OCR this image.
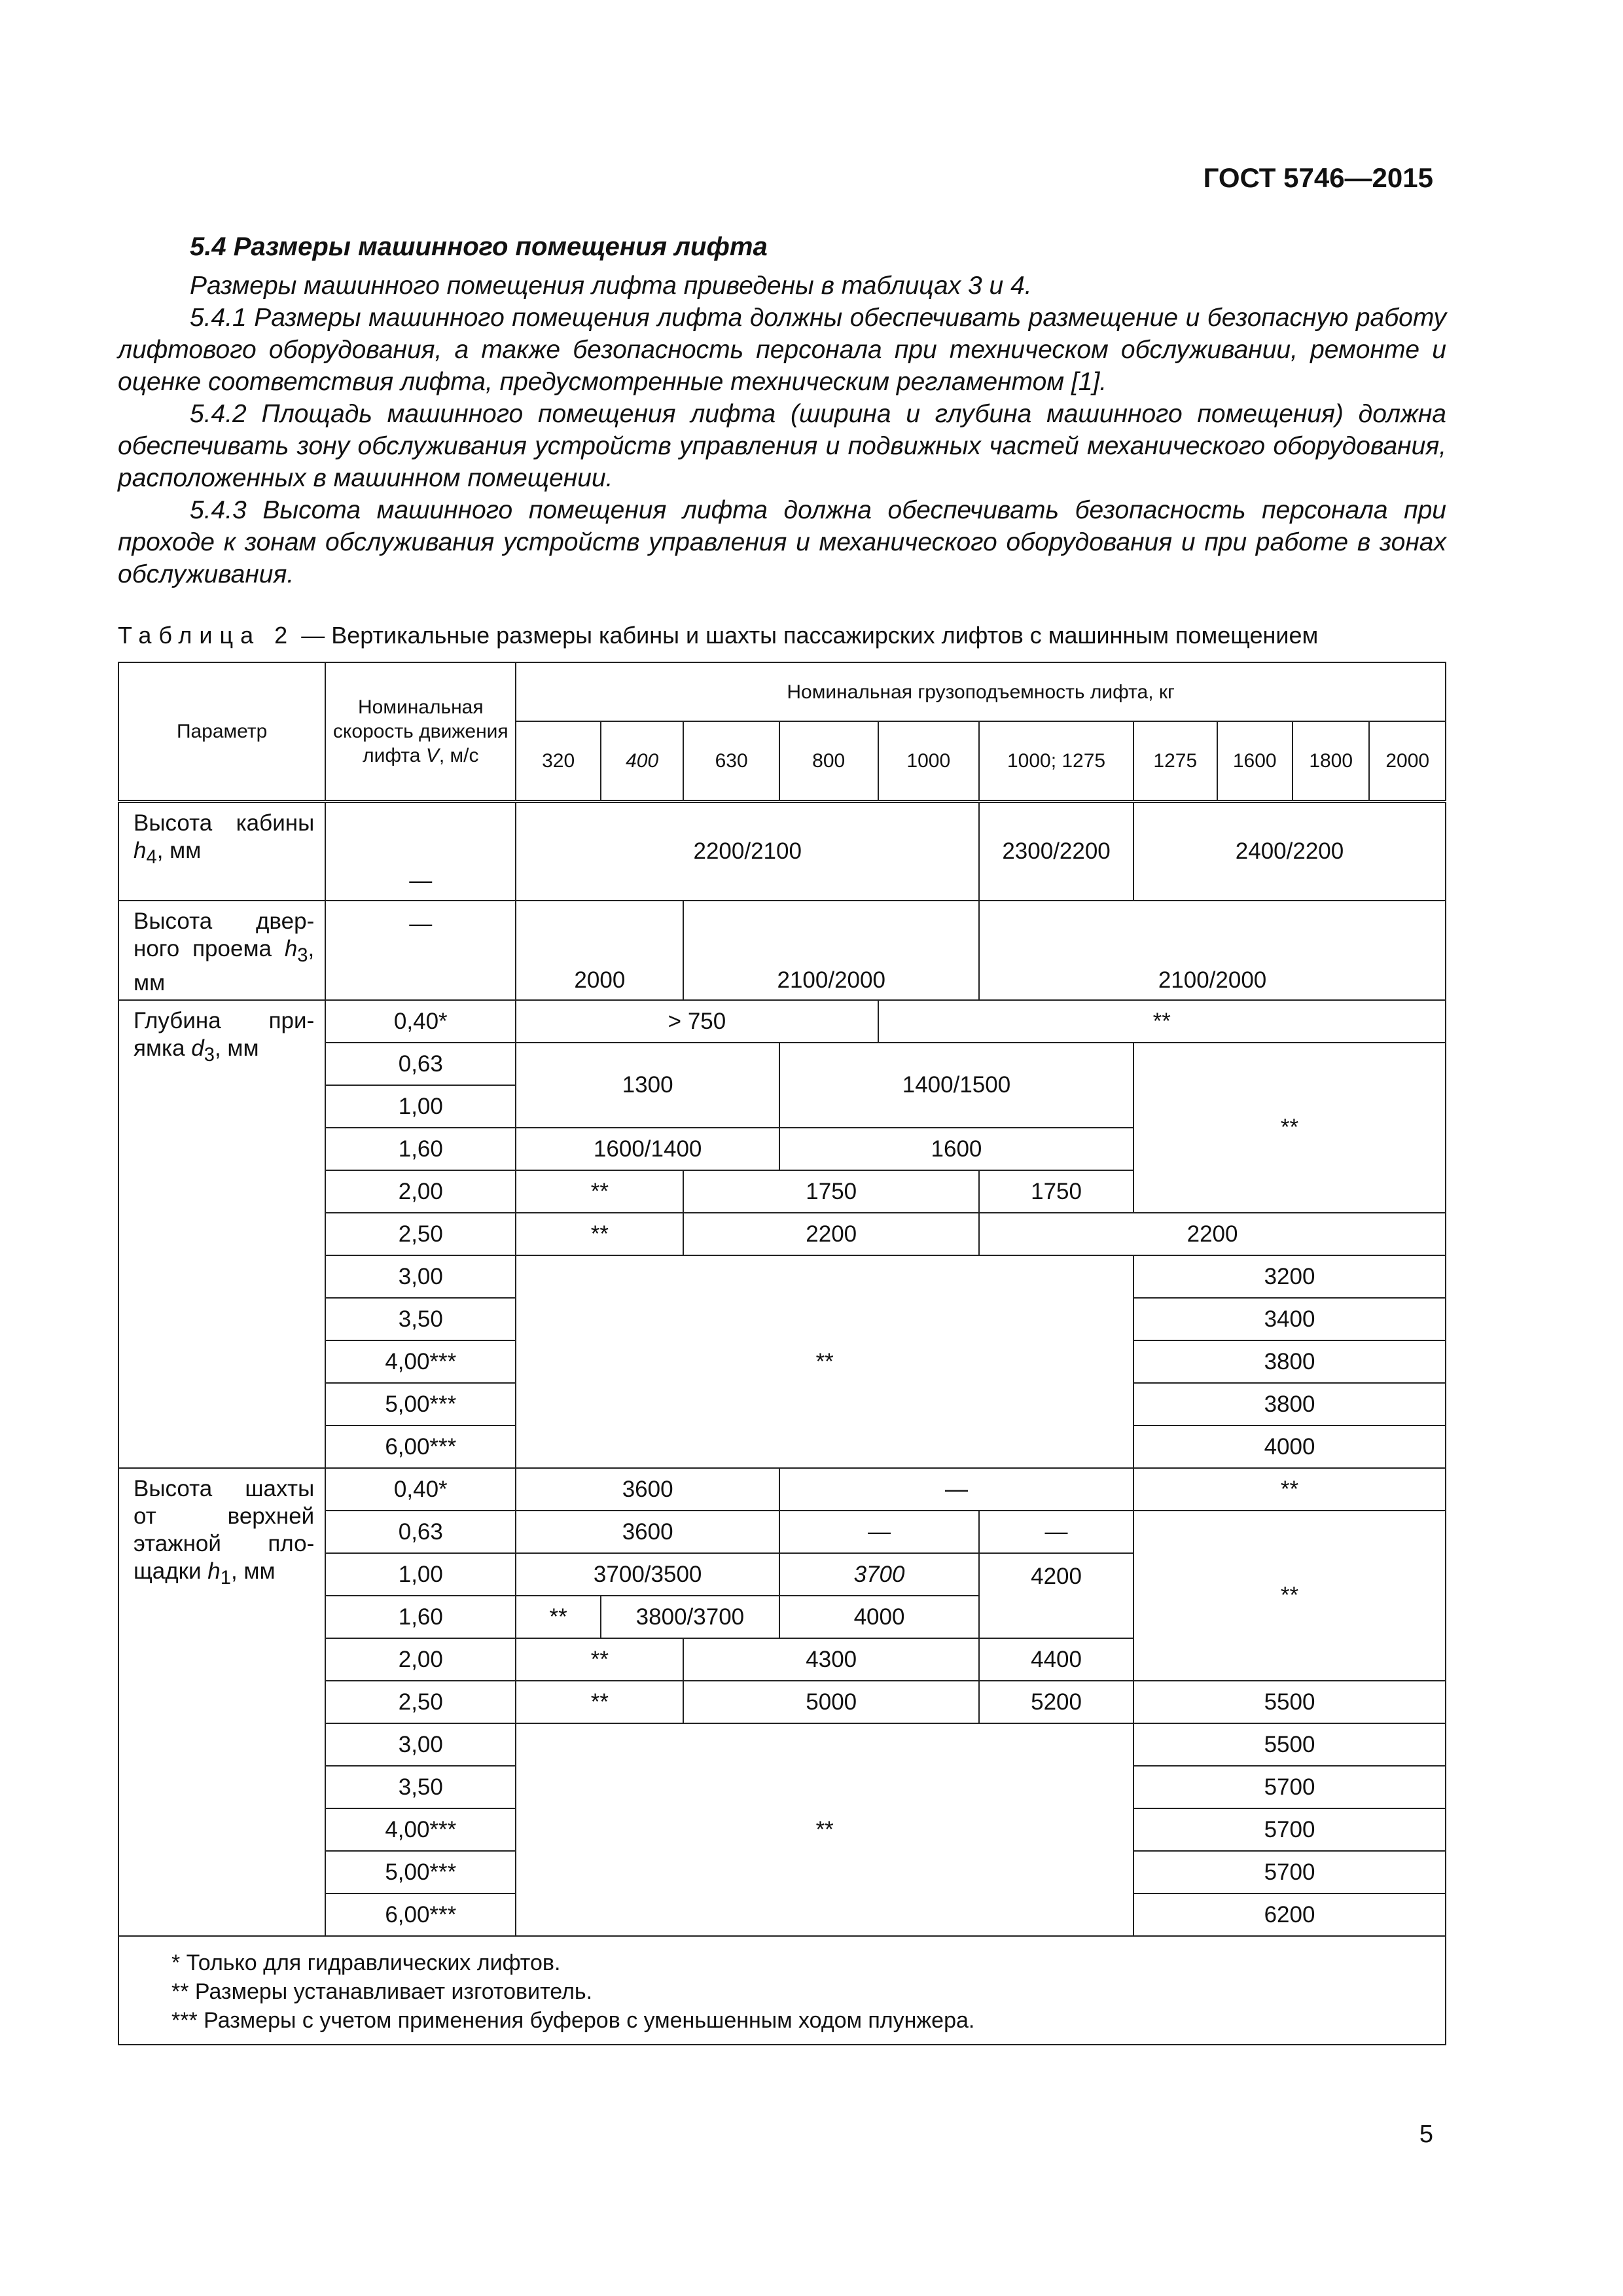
ГОСТ 5746—2015
5.4 Размеры машинного помещения лифта

Размеры машинного помещения лифта приведены в таблицах 3 и 4.

5.4.1 Размеры машинного помещения лифта должны обеспечивать размещение и безопасную работу лифтового оборудования, а также безопасность персонала при техническом обслуживании, ремонте и оценке соответствия лифта, предусмотренные техническим регламентом [1].

5.4.2 Площадь машинного помещения лифта (ширина и глубина машинного помещения) должна обеспечивать зону обслуживания устройств управления и подвижных частей механического оборудования, расположенных в машинном помещении.

5.4.3 Высота машинного помещения лифта должна обеспечивать безопасность персонала при проходе к зонам обслуживания устройств управления и механического оборудования и при работе в зонах обслуживания.

Таблица 2 — Вертикальные размеры кабины и шахты пассажирских лифтов с машинным помещением
Параметр	Номинальная скорость движения лифта V, м/с	Номинальная грузоподъемность лифта, кг									
		320	400	630	800	1000	1000; 1275	1275	1600	1800	2000
Высота кабины $h_4$, мм	—	2200/2100					2300/2200	2400/2200			
Высота дверного проема $h_3$, мм	—	2000		2100/2000			2100/2000				
Глубина приямка $d_3$, мм	0,40*	> 750				**					
	0,63	1300			1400/1500			**			
	1,00										
	1,60	1600/1400			1600						
	2,00	**		1750			1750				
	2,50	**		2200			2200				
	3,00	**						3200			
	3,50							3400			
	4,00***							3800			
	5,00***							3800			
	6,00***							4000			
Высота шахты от верхней этажной площадки $h_1$, мм	0,40*	3600			—			**			
	0,63	3600			—		—	**			
	1,00	3700/3500			3700		4200				
	1,60	**	3800/3700		4000						
	2,00	**		4300			4400				
	2,50	**		5000			5200	5500			
	3,00	**						5500			
	3,50							5700			
	4,00***							5700			
	5,00***							5700			
	6,00***							6200			

* Только для гидравлических лифтов.
** Размеры устанавливает изготовитель.
*** Размеры с учетом применения буферов с уменьшенным ходом плунжера.											
5
